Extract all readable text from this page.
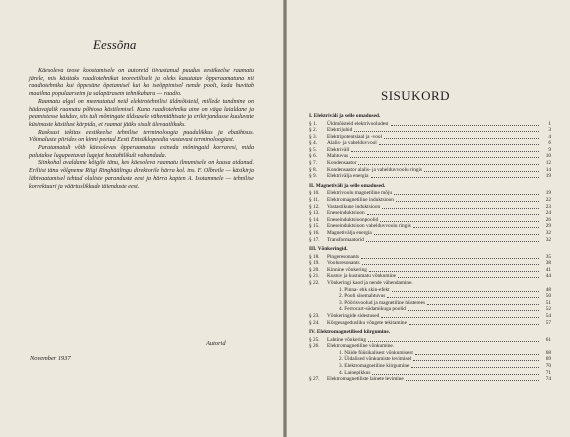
Eessõna

Käesoleva teose koostamisele on autoreid tiivustanud puudus eestikeelse raamatu järele, mis käsitaks raadiotehnikat teoreetiliselt ja oleks kasutatav õpperaamatuna nii raadiotehnika kui õppesüne õpetamisel kui ka iseõppimisel nende poolt, keda huvitab maailma populaarseim ja salapärasem tehnikaharu — raadio.

Raamatu algul on meenutatud neid elektrotehnilisi üldmõisteid, millede tundmine on hädavajalik raamatu põhiosa käsitlemisel. Kuna raadiotehnika aine on väga laialdane ja peamistesse kakduv, siis tuli mõningate üldsusele vähemtähtsate ja erikirjandusse kuuluvate küsimuste käsitlust kärpida, et raamat jääks sisult ülevaatlikuks.

Rasksusi tekitas eestikeelse tehnilise terminoloogia puudulikkus ja ebaühtsus. Võimaluste piirides on kinni peetud Eesti Entsüklopeedia vastavast terminoloogiast.

Paratamatult võib käesolevas õpperaamatus esineda mõningaid korraresi, mida palutakse lugupeetavat lugejat heatahtlikult vabandada.

Siinkohal avaldame kõigile tänu, kes käesoleva raamatu ilmumisele on kaasa aidanud. Eriliist tänu võlgneme Riigi Ringhäälingu direktorile härra kol. ins. F. Olbreile — käsikirja läbivaatamisel tehtud oluliste paranduste eest ja härra kapten A. Isotammele — tehnilise korrektuuri ja väärtuslikkude täienduste eest.

Autorid
November 1937
SISUKORD
I. Elektrivälí ja selle omadused.
§ 1.	Üldmõisteid elektrivooludest	1
§ 2.	Elektrijuhid	3
§ 3.	Elektripotentsiaal ja -vool	4
§ 4.	Alalis- ja vahelduvvool	6
§ 5.	Elektrivälí	9
§ 6.	Mahtuvus	10
§ 7.	Kondensaator	12
§ 8.	Kondensaator alalis- ja vahelduvvoolu ringis	14
§ 9.	Elektrivälja energia	19
II. Magnetiväli ja selle omadused.
§ 10.	Elektrivoolu magnetiline mõju	19
§ 11.	Elektromagnetiline induktsioon	22
§ 12.	Vastastikune induktsioon	23
§ 13.	Eneseinduktsioon	24
§ 14.	Eneseinduktsioonpoolid	26
§ 15.	Eneseinduktsioon vahelduvvoolu ringis	29
§ 16.	Magnetivälja energia	32
§ 17.	Transformaatorid	32
III. Võnkeringid.
§ 18.	Pingeresonants	35
§ 19.	Vooluresonants	38
§ 20.	Kinnine võnkering	41
§ 21.	Kustuv ja kustumatu võnkumine	44
§ 22.	Võnkeringi kaod ja nende vähendamine.
1. Pinna- ehk skin-efekt	48
2. Pooli sisemahtuvus	50
3. Pöörisvoolud ja magnetiline hüsterees	51
4. Ferrocart-südamikuga poolid	52
§ 23.	Võnkeringide sidestused	54
§ 24.	Kõrgesagedusliku võngete tekitamine	57
IV. Elektromagnetilised kiirgumine.
§ 25.	Lahtine võnkering	61
§ 26.	Elektromagnetiline võnkumine.
1. Näide füüsikalisest võnkumisest	68
2. Üldalised võnkumiste levimisel	69
3. Elektromagnetiline kiirgumine	70
4. Lainepikkus	71
§ 27.	Elektromagnetiliste lainete levimine	74
